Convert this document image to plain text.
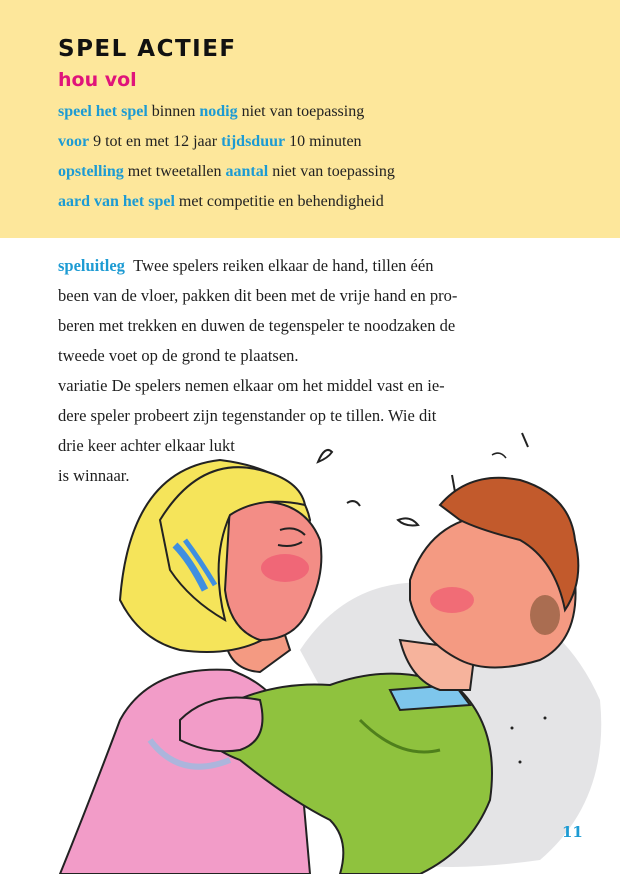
SPEL ACTIEF
hou vol
speel het spel binnen nodig niet van toepassing
voor 9 tot en met 12 jaar tijdsduur 10 minuten
opstelling met tweetallen aantal niet van toepassing
aard van het spel met competitie en behendigheid

speluitleg Twee spelers reiken elkaar de hand, tillen één

been van de vloer, pakken dit been met de vrije hand en pro-

beren met trekken en duwen de tegenspeler te noodzaken de

tweede voet op de grond te plaatsen.

variatie De spelers nemen elkaar om het middel vast en ie-

dere speler probeert zijn tegenstander op te tillen. Wie dit

drie keer achter elkaar lukt

is winnaar.

11
